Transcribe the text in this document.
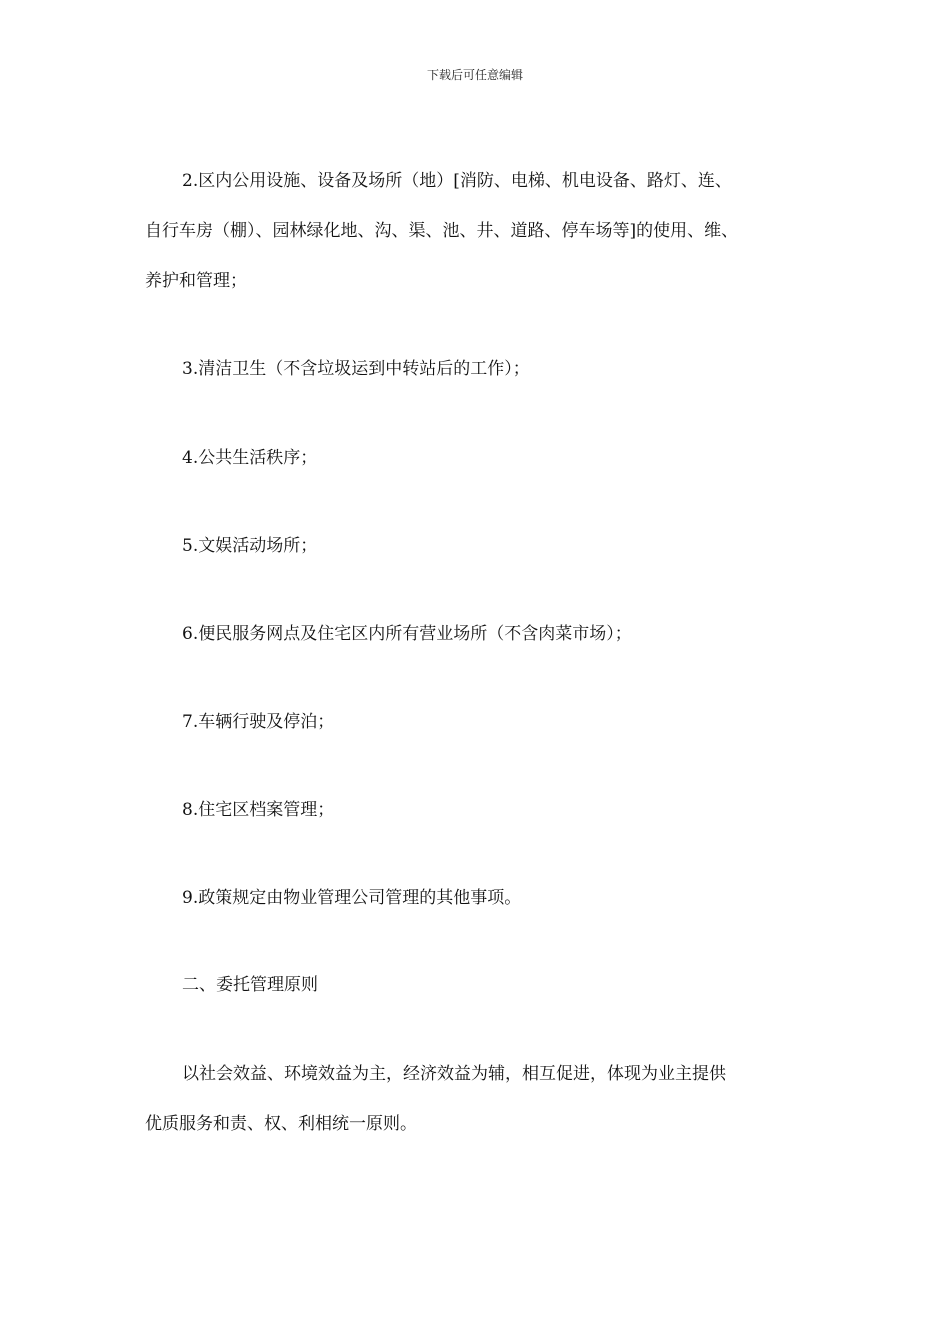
下载后可任意编辑
2.区内公用设施、设备及场所（地）[消防、电梯、机电设备、路灯、连、
自行车房（棚）、园林绿化地、沟、渠、池、井、道路、停车场等]的使用、维、
养护和管理；
3.清洁卫生（不含垃圾运到中转站后的工作）；
4.公共生活秩序；
5.文娱活动场所；
6.便民服务网点及住宅区内所有营业场所（不含肉菜市场）；
7.车辆行驶及停泊；
8.住宅区档案管理；
9.政策规定由物业管理公司管理的其他事项。
二、委托管理原则
以社会效益、环境效益为主，经济效益为辅，相互促进，体现为业主提供
优质服务和责、权、利相统一原则。
